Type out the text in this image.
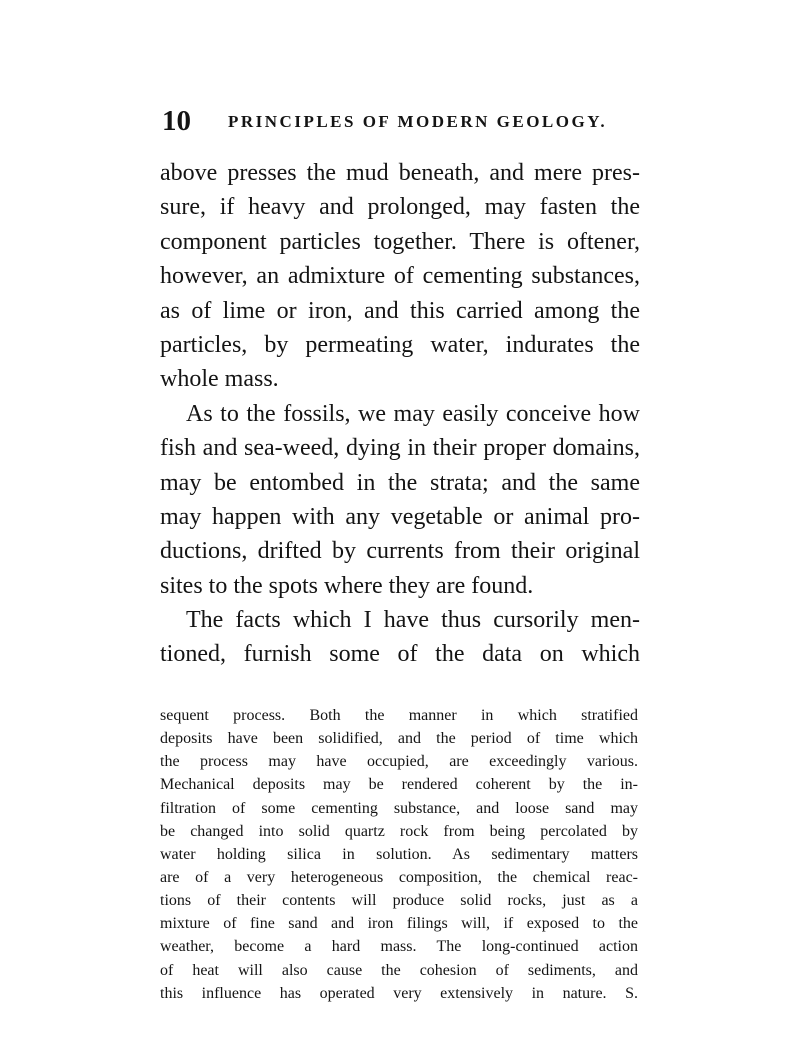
10 PRINCIPLES OF MODERN GEOLOGY.
above presses the mud beneath, and mere pres-
sure, if heavy and prolonged, may fasten the
component particles together. There is oftener,
however, an admixture of cementing substances,
as of lime or iron, and this carried among the
particles, by permeating water, indurates the
whole mass.
As to the fossils, we may easily conceive how
fish and sea-weed, dying in their proper domains,
may be entombed in the strata; and the same
may happen with any vegetable or animal pro-
ductions, drifted by currents from their original
sites to the spots where they are found.
The facts which I have thus cursorily men-
tioned, furnish some of the data on which
sequent process. Both the manner in which stratified
deposits have been solidified, and the period of time which
the process may have occupied, are exceedingly various.
Mechanical deposits may be rendered coherent by the in-
filtration of some cementing substance, and loose sand may
be changed into solid quartz rock from being percolated by
water holding silica in solution. As sedimentary matters
are of a very heterogeneous composition, the chemical reac-
tions of their contents will produce solid rocks, just as a
mixture of fine sand and iron filings will, if exposed to the
weather, become a hard mass. The long-continued action
of heat will also cause the cohesion of sediments, and
this influence has operated very extensively in nature. S.
